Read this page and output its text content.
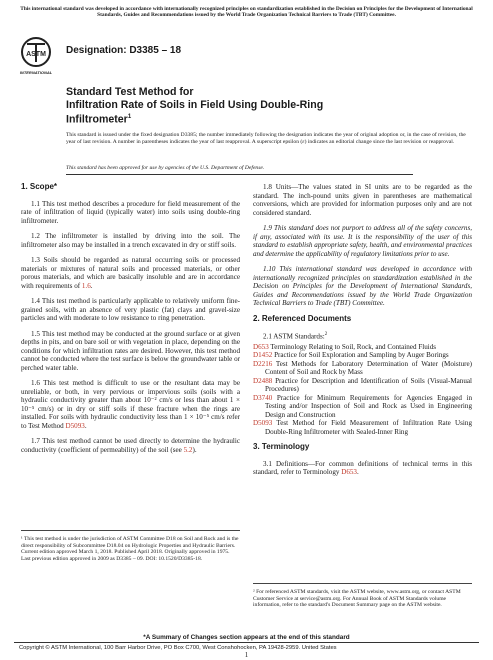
This international standard was developed in accordance with internationally recognized principles on standardization established in the Decision on Principles for the Development of International Standards, Guides and Recommendations issued by the World Trade Organization Technical Barriers to Trade (TBT) Committee.
ASTM
INTERNATIONAL
Designation: D3385 – 18
Standard Test Method for
Infiltration Rate of Soils in Field Using Double-Ring
Infiltrometer$^1$
This standard is issued under the fixed designation D3385; the number immediately following the designation indicates the year of original adoption or, in the case of revision, the year of last revision. A number in parentheses indicates the year of last reapproval. A superscript epsilon (ε) indicates an editorial change since the last revision or reapproval.
This standard has been approved for use by agencies of the U.S. Department of Defense.
1. Scope*

1.1 This test method describes a procedure for field measurement of the rate of infiltration of liquid (typically water) into soils using double-ring infiltrometer.

1.2 The infiltrometer is installed by driving into the soil. The infiltrometer also may be installed in a trench excavated in dry or stiff soils.

1.3 Soils should be regarded as natural occurring soils or processed materials or mixtures of natural soils and processed materials, or other porous materials, and which are basically insoluble and are in accordance with requirements of 1.6.

1.4 This test method is particularly applicable to relatively uniform fine-grained soils, with an absence of very plastic (fat) clays and gravel-size particles and with moderate to low resistance to ring penetration.

1.5 This test method may be conducted at the ground surface or at given depths in pits, and on bare soil or with vegetation in place, depending on the conditions for which infiltration rates are desired. However, this test method cannot be conducted where the test surface is below the groundwater table or perched water table.

1.6 This test method is difficult to use or the resultant data may be unreliable, or both, in very pervious or impervious soils (soils with a hydraulic conductivity greater than about 10⁻² cm/s or less than about 1 × 10⁻⁵ cm/s) or in dry or stiff soils if these fracture when the rings are installed. For soils with hydraulic conductivity less than 1 × 10⁻⁵ cm/s refer to Test Method D5093.

1.7 This test method cannot be used directly to determine the hydraulic conductivity (coefficient of permeability) of the soil (see 5.2).

1.8 Units—The values stated in SI units are to be regarded as the standard. The inch-pound units given in parentheses are mathematical conversions, which are provided for information purposes only and are not considered standard.

1.9 This standard does not purport to address all of the safety concerns, if any, associated with its use. It is the responsibility of the user of this standard to establish appropriate safety, health, and environmental practices and determine the applicability of regulatory limitations prior to use.

1.10 This international standard was developed in accordance with internationally recognized principles on standardization established in the Decision on Principles for the Development of International Standards, Guides and Recommendations issued by the World Trade Organization Technical Barriers to Trade (TBT) Committee.

2. Referenced Documents

2.1 ASTM Standards:$^2$

D653 Terminology Relating to Soil, Rock, and Contained Fluids
D1452 Practice for Soil Exploration and Sampling by Auger Borings
D2216 Test Methods for Laboratory Determination of Water (Moisture) Content of Soil and Rock by Mass
D2488 Practice for Description and Identification of Soils (Visual-Manual Procedures)
D3740 Practice for Minimum Requirements for Agencies Engaged in Testing and/or Inspection of Soil and Rock as Used in Engineering Design and Construction
D5093 Test Method for Field Measurement of Infiltration Rate Using Double-Ring Infiltrometer with Sealed-Inner Ring
3. Terminology

3.1 Definitions—For common definitions of technical terms in this standard, refer to Terminology D653.

¹ This test method is under the jurisdiction of ASTM Committee D18 on Soil and Rock and is the direct responsibility of Subcommittee D18.04 on Hydrologic Properties and Hydraulic Barriers. Current edition approved March 1, 2018. Published April 2018. Originally approved in 1975. Last previous edition approved in 2009 as D3385 – 09. DOI: 10.1520/D3385-18.
² For referenced ASTM standards, visit the ASTM website, www.astm.org, or contact ASTM Customer Service at service@astm.org. For Annual Book of ASTM Standards volume information, refer to the standard's Document Summary page on the ASTM website.
*A Summary of Changes section appears at the end of this standard
Copyright © ASTM International, 100 Barr Harbor Drive, PO Box C700, West Conshohocken, PA 19428-2959. United States
1
